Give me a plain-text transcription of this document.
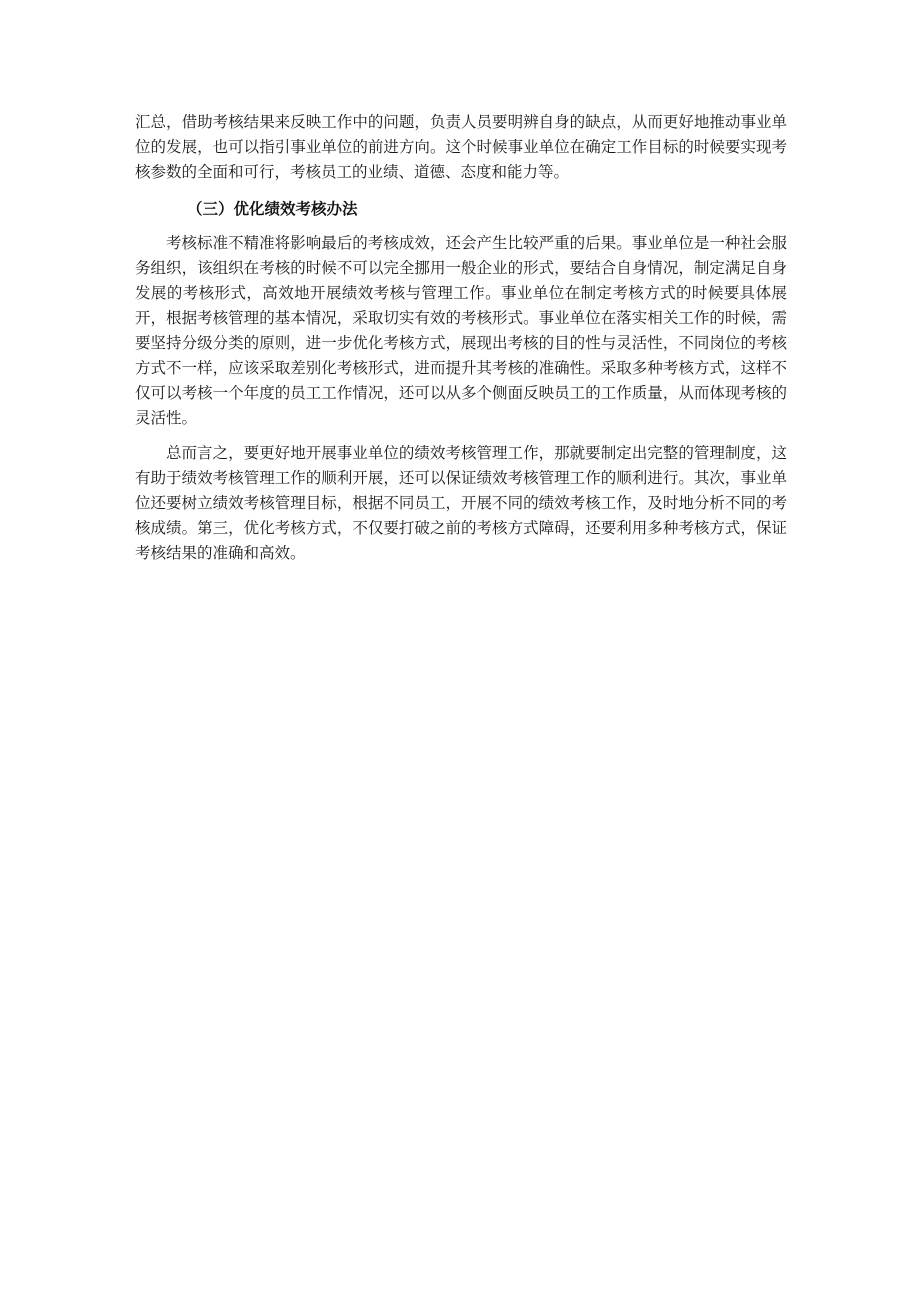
汇总，借助考核结果来反映工作中的问题，负责人员要明辨自身的缺点，从而更好地推动事业单位的发展，也可以指引事业单位的前进方向。这个时候事业单位在确定工作目标的时候要实现考核参数的全面和可行，考核员工的业绩、道德、态度和能力等。

（三）优化绩效考核办法

考核标准不精准将影响最后的考核成效，还会产生比较严重的后果。事业单位是一种社会服务组织，该组织在考核的时候不可以完全挪用一般企业的形式，要结合自身情况，制定满足自身发展的考核形式，高效地开展绩效考核与管理工作。事业单位在制定考核方式的时候要具体展开，根据考核管理的基本情况，采取切实有效的考核形式。事业单位在落实相关工作的时候，需要坚持分级分类的原则，进一步优化考核方式，展现出考核的目的性与灵活性，不同岗位的考核方式不一样，应该采取差别化考核形式，进而提升其考核的准确性。采取多种考核方式，这样不仅可以考核一个年度的员工工作情况，还可以从多个侧面反映员工的工作质量，从而体现考核的灵活性。

总而言之，要更好地开展事业单位的绩效考核管理工作，那就要制定出完整的管理制度，这有助于绩效考核管理工作的顺利开展，还可以保证绩效考核管理工作的顺利进行。其次，事业单位还要树立绩效考核管理目标，根据不同员工，开展不同的绩效考核工作，及时地分析不同的考核成绩。第三，优化考核方式，不仅要打破之前的考核方式障碍，还要利用多种考核方式，保证考核结果的准确和高效。
